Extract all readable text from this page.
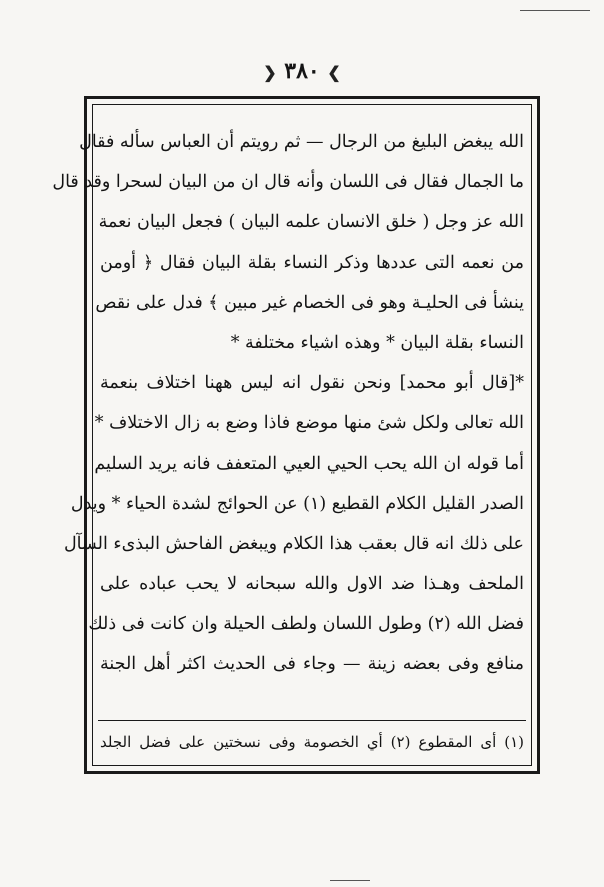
❯ ٣٨٠ ❮
الله يبغض البليغ من الرجال — ثم رويتم أن العباس سأله فقال
ما الجمال فقال فى اللسان وأنه قال ان من البيان لسحرا وقد قال
الله عز وجل ( خلق الانسان علمه البيان ) فجعل البيان نعمة
من نعمه التى عددها وذكر النساء بقلة البيان فقال ﴿ أومن
ينشأ فى الحليـة وهو فى الخصام غير مبين ﴾ فدل على نقص
النساء بقلة البيان * وهذه اشياء مختلفة *
*[قال أبو محمد] ونحن نقول انه ليس ههنا اختلاف بنعمة
الله تعالى ولكل شئ منها موضع فاذا وضع به زال الاختلاف *
أما قوله ان الله يحب الحيي العيي المتعفف فانه يريد السليم
الصدر القليل الكلام القطيع (١) عن الحوائج لشدة الحياء * ويدل
على ذلك انه قال بعقب هذا الكلام ويبغض الفاحش البذىء السآل
الملحف وهـذا ضد الاول والله سبحانه لا يحب عباده على
فضل الله (٢) وطول اللسان ولطف الحيلة وان كانت فى ذلك
منافع وفى بعضه زينة — وجاء فى الحديث اكثر أهل الجنة
(١) أى المقطوع (٢) أي الخصومة وفى نسختين على فضل الجلد
